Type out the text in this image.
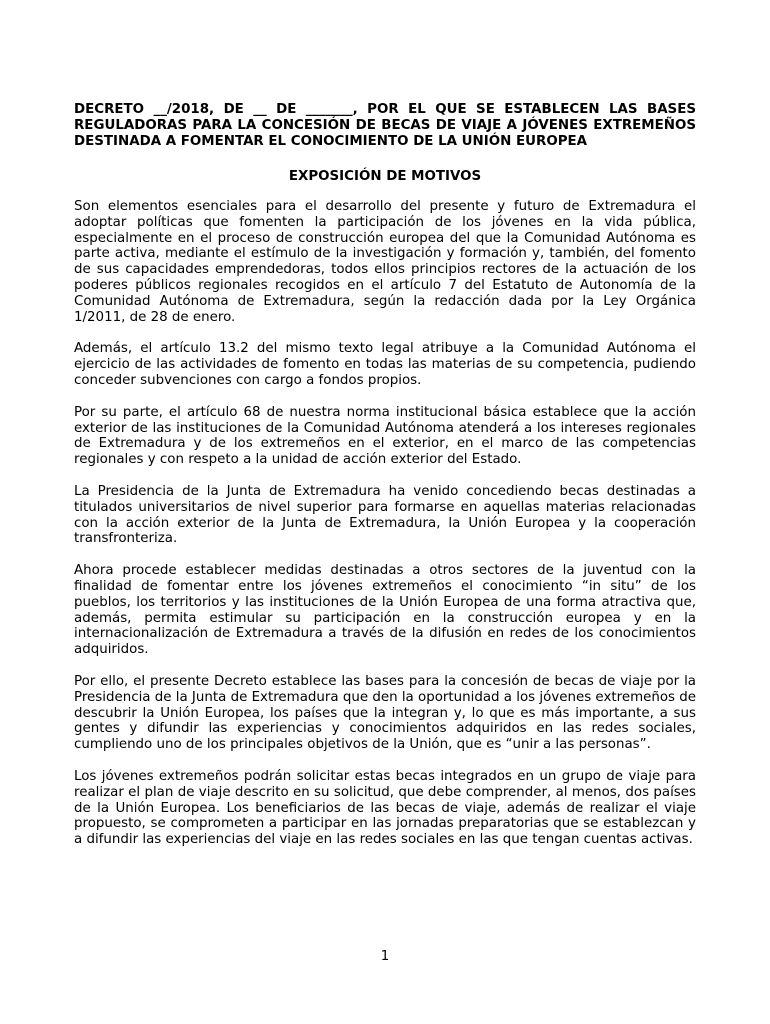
DECRETO __/2018, DE __ DE _______, POR EL QUE SE ESTABLECEN LAS BASES REGULADORAS PARA LA CONCESIÓN DE BECAS DE VIAJE A JÓVENES EXTREMEÑOS DESTINADA A FOMENTAR EL CONOCIMIENTO DE LA UNIÓN EUROPEA

EXPOSICIÓN DE MOTIVOS

Son elementos esenciales para el desarrollo del presente y futuro de Extremadura el adoptar políticas que fomenten la participación de los jóvenes en la vida pública, especialmente en el proceso de construcción europea del que la Comunidad Autónoma es parte activa, mediante el estímulo de la investigación y formación y, también, del fomento de sus capacidades emprendedoras, todos ellos principios rectores de la actuación de los poderes públicos regionales recogidos en el artículo 7 del Estatuto de Autonomía de la Comunidad Autónoma de Extremadura, según la redacción dada por la Ley Orgánica 1/2011, de 28 de enero.

Además, el artículo 13.2 del mismo texto legal atribuye a la Comunidad Autónoma el ejercicio de las actividades de fomento en todas las materias de su competencia, pudiendo conceder subvenciones con cargo a fondos propios.

Por su parte, el artículo 68 de nuestra norma institucional básica establece que la acción exterior de las instituciones de la Comunidad Autónoma atenderá a los intereses regionales de Extremadura y de los extremeños en el exterior, en el marco de las competencias regionales y con respeto a la unidad de acción exterior del Estado.

La Presidencia de la Junta de Extremadura ha venido concediendo becas destinadas a titulados universitarios de nivel superior para formarse en aquellas materias relacionadas con la acción exterior de la Junta de Extremadura, la Unión Europea y la cooperación transfronteriza.

Ahora procede establecer medidas destinadas a otros sectores de la juventud con la finalidad de fomentar entre los jóvenes extremeños el conocimiento “in situ” de los pueblos, los territorios y las instituciones de la Unión Europea de una forma atractiva que, además, permita estimular su participación en la construcción europea y en la internacionalización de Extremadura a través de la difusión en redes de los conocimientos adquiridos.

Por ello, el presente Decreto establece las bases para la concesión de becas de viaje por la Presidencia de la Junta de Extremadura que den la oportunidad a los jóvenes extremeños de descubrir la Unión Europea, los países que la integran y, lo que es más importante, a sus gentes y difundir las experiencias y conocimientos adquiridos en las redes sociales, cumpliendo uno de los principales objetivos de la Unión, que es “unir a las personas”.

Los jóvenes extremeños podrán solicitar estas becas integrados en un grupo de viaje para realizar el plan de viaje descrito en su solicitud, que debe comprender, al menos, dos países de la Unión Europea. Los beneficiarios de las becas de viaje, además de realizar el viaje propuesto, se comprometen a participar en las jornadas preparatorias que se establezcan y a difundir las experiencias del viaje en las redes sociales en las que tengan cuentas activas.

1
